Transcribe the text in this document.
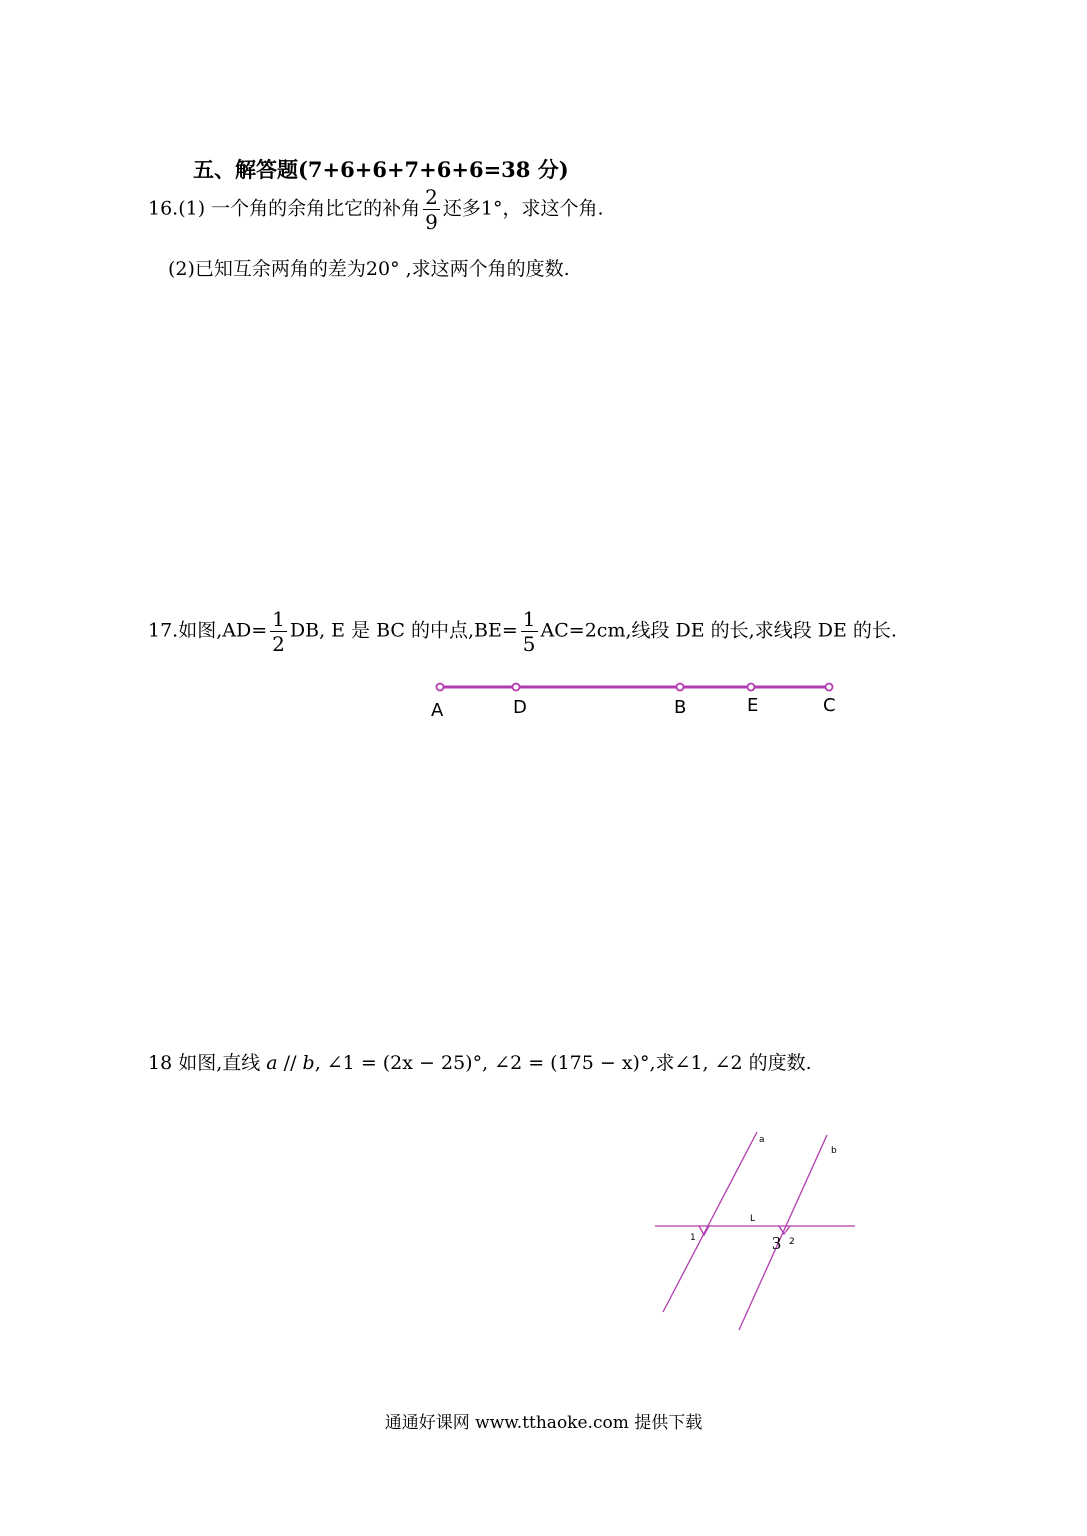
五、解答题(7+6+6+7+6+6=38 分)
16.(1) 一个角的余角比它的补角 $\frac{2}{9}$ 还多1°，求这个角.
(2)已知互余两角的差为20° ,求这两个角的度数.
17.如图$,AD= \frac{1}{2}$ DB, E 是 BC 的中点$,BE= \frac{1}{5} AC=2cm$,线段 DE 的长,求线段 DE 的长.
A	D	B	E	C
a
b
L
1	2
3
18 如图,直线 a // b, ∠1 = (2x − 25)°, ∠2 = (175 − x)°,求∠1, ∠2 的度数.
通通好课网 www.tthaoke.com 提供下载
